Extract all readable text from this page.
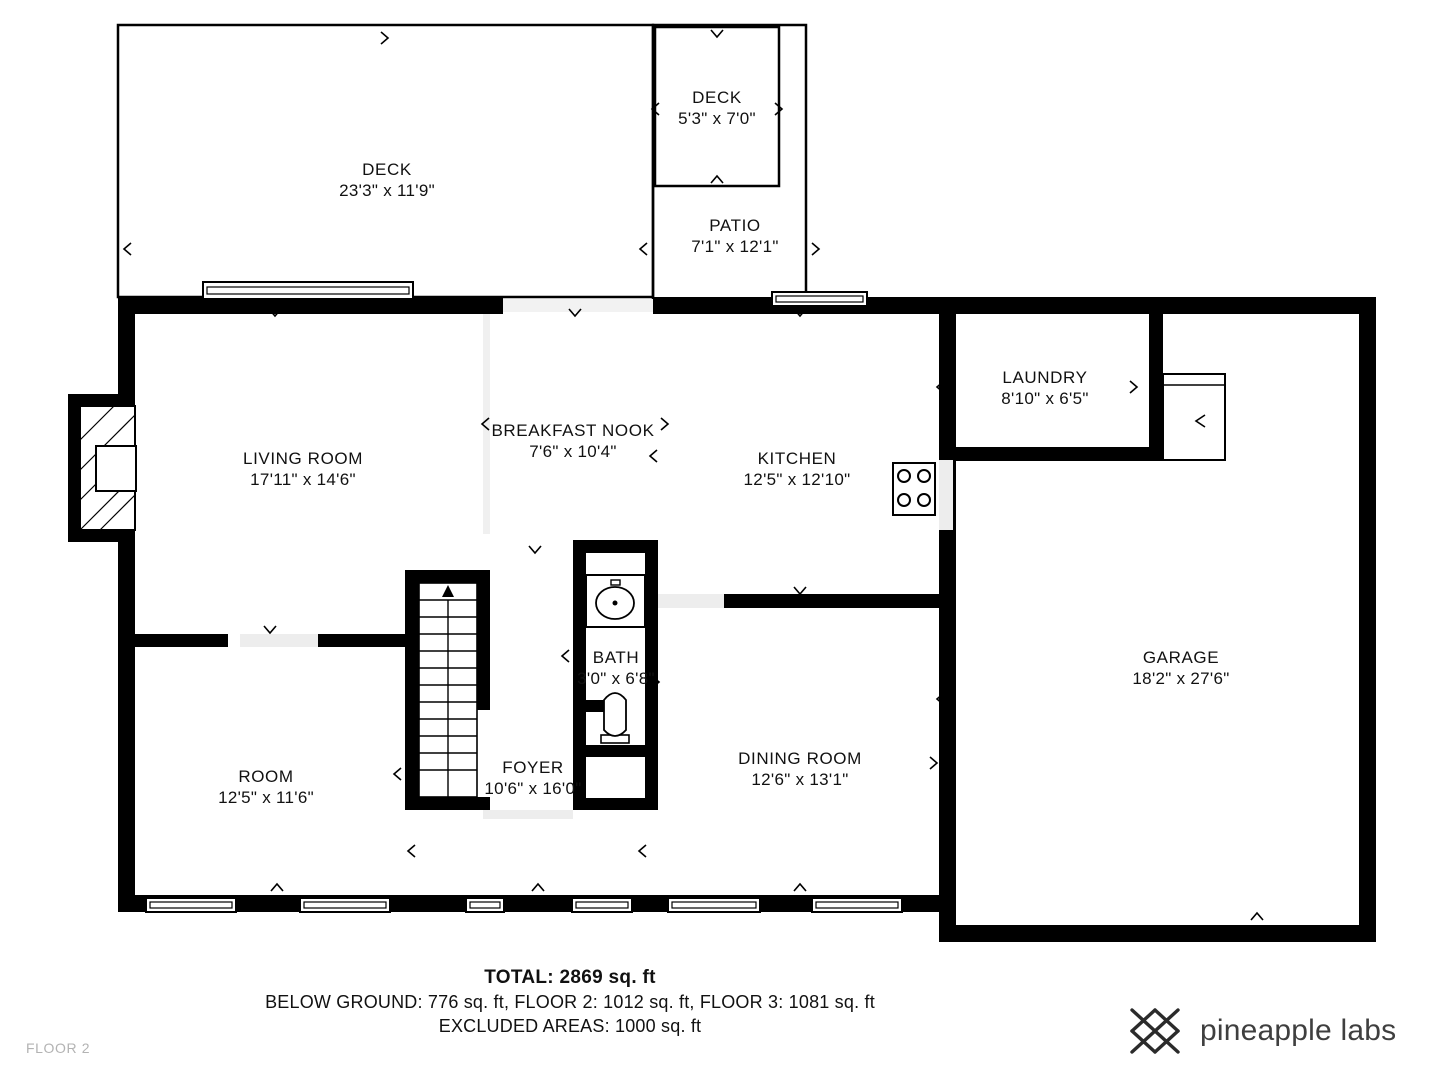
DECK
23'3" x 11'9"
DECK
5'3" x 7'0"
PATIO
7'1" x 12'1"
LIVING ROOM
17'11" x 14'6"
BREAKFAST NOOK
7'6" x 10'4"	KITCHEN
12'5" x 12'10"
LAUNDRY
8'10" x 6'5"
GARAGE
18'2" x 27'6"
BATH
3'0" x 6'8"
ROOM
12'5" x 11'6"
FOYER
10'6" x 16'0"
DINING ROOM
12'6" x 13'1"
TOTAL: 2869 sq. ft
BELOW GROUND: 776 sq. ft, FLOOR 2: 1012 sq. ft, FLOOR 3: 1081 sq. ft
EXCLUDED AREAS: 1000 sq. ft	pineapple labs
FLOOR 2
